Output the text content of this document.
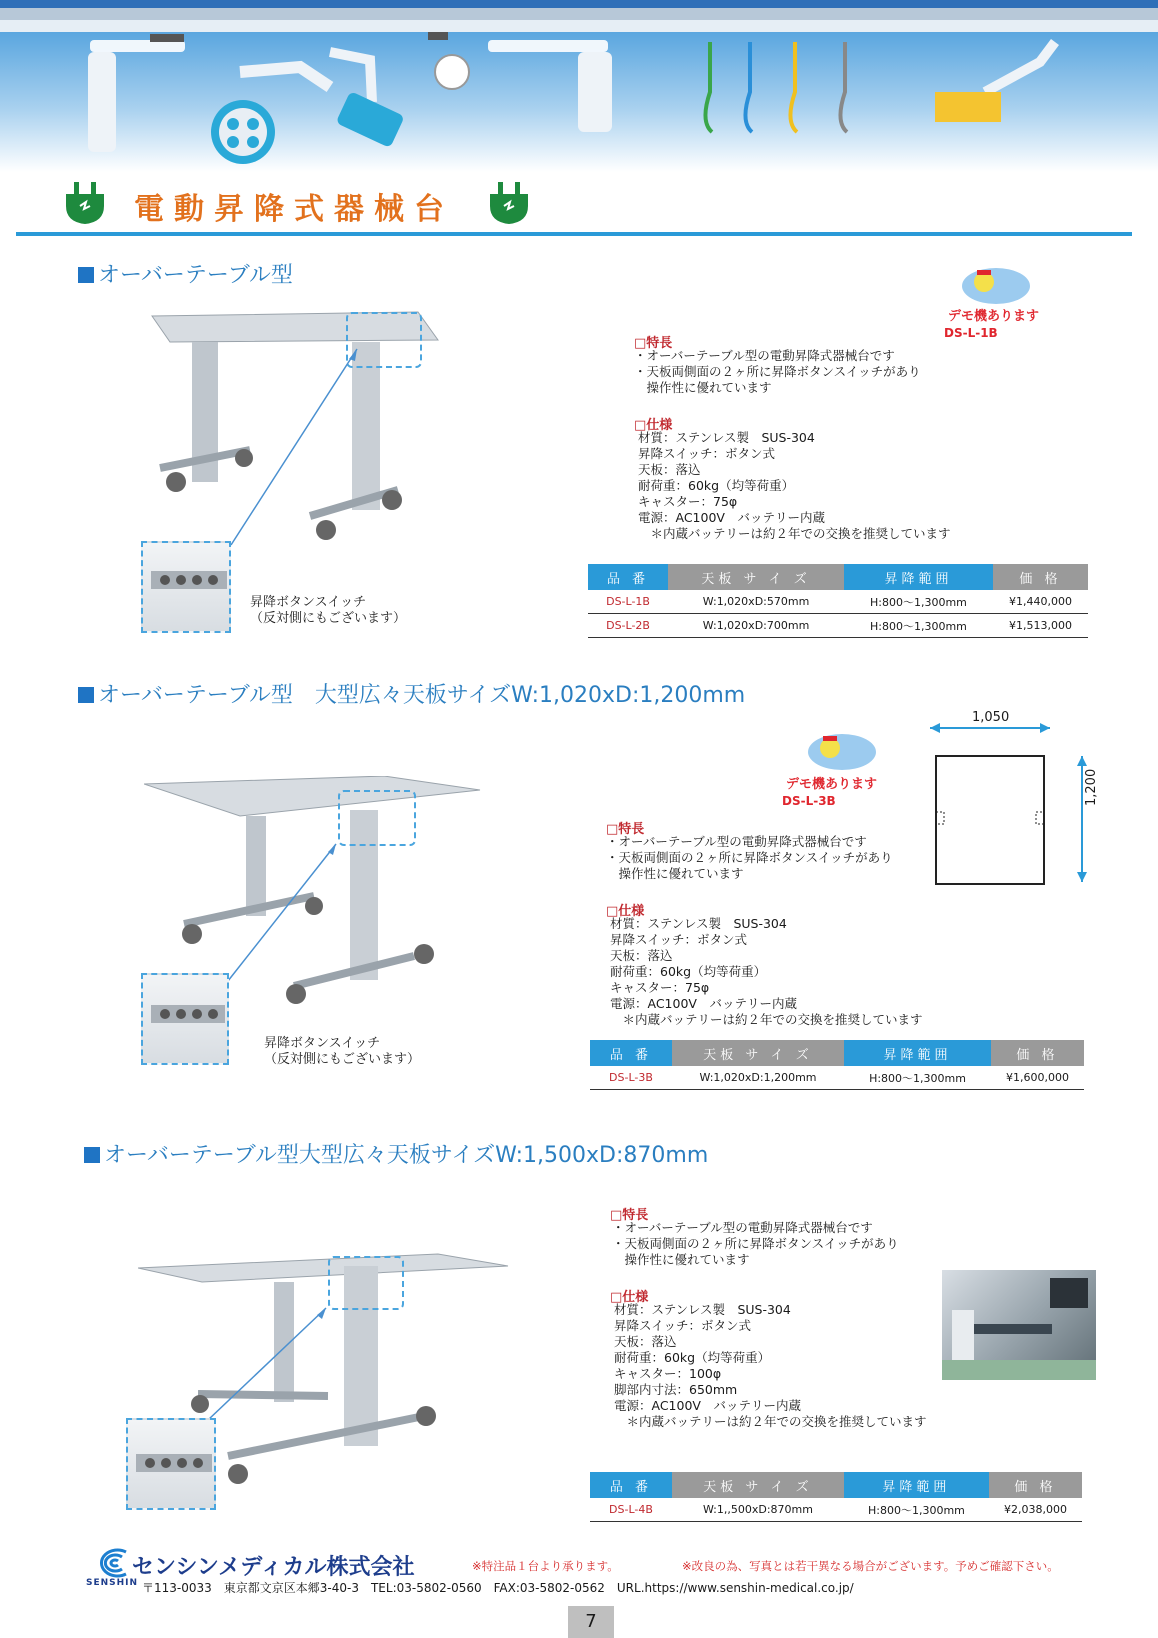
電動昇降式器械台
オーバーテーブル型
昇降ボタンスイッチ
（反対側にもございます）
デモ機あります
DS-L-1B
□特長
・オーバーテーブル型の電動昇降式器械台です
・天板両側面の２ヶ所に昇降ボタンスイッチがあり
　操作性に優れています
□仕様
材質：ステンレス製　SUS-304
昇降スイッチ：ボタン式
天板：落込
耐荷重：60kg（均等荷重）
キャスター：75φ
電源：AC100V　バッテリー内蔵
　＊内蔵バッテリーは約２年での交換を推奨しています
品 番	天板 サ イ ズ	昇降範囲	価 格
DS-L-1B	W:1,020xD:570mm	H:800～1,300mm	¥1,440,000
DS-L-2B	W:1,020xD:700mm	H:800～1,300mm	¥1,513,000
オーバーテーブル型　大型広々天板サイズW:1,020xD:1,200mm
昇降ボタンスイッチ
（反対側にもございます）
デモ機あります
DS-L-3B
1,050
1,200
□特長
・オーバーテーブル型の電動昇降式器械台です
・天板両側面の２ヶ所に昇降ボタンスイッチがあり
　操作性に優れています
□仕様
材質：ステンレス製　SUS-304
昇降スイッチ：ボタン式
天板：落込
耐荷重：60kg（均等荷重）
キャスター：75φ
電源：AC100V　バッテリー内蔵
　＊内蔵バッテリーは約２年での交換を推奨しています
品 番	天板 サ イ ズ	昇降範囲	価 格
DS-L-3B	W:1,020xD:1,200mm	H:800～1,300mm	¥1,600,000
オーバーテーブル型大型広々天板サイズW:1,500xD:870mm
□特長
・オーバーテーブル型の電動昇降式器械台です
・天板両側面の２ヶ所に昇降ボタンスイッチがあり
　操作性に優れています
□仕様
材質：ステンレス製　SUS-304
昇降スイッチ：ボタン式
天板：落込
耐荷重：60kg（均等荷重）
キャスター：100φ
脚部内寸法：650mm
電源：AC100V　バッテリー内蔵
　＊内蔵バッテリーは約２年での交換を推奨しています
品 番	天板 サ イ ズ	昇降範囲	価 格
DS-L-4B	W:1,,500xD:870mm	H:800～1,300mm	¥2,038,000
センシンメディカル株式会社
SENSHIN
※特注品１台より承ります。	※改良の為、写真とは若干異なる場合がございます。予めご確認下さい。
〒113-0033　東京都文京区本郷3-40-3　TEL:03-5802-0560　FAX:03-5802-0562　URL.https://www.senshin-medical.co.jp/
7
